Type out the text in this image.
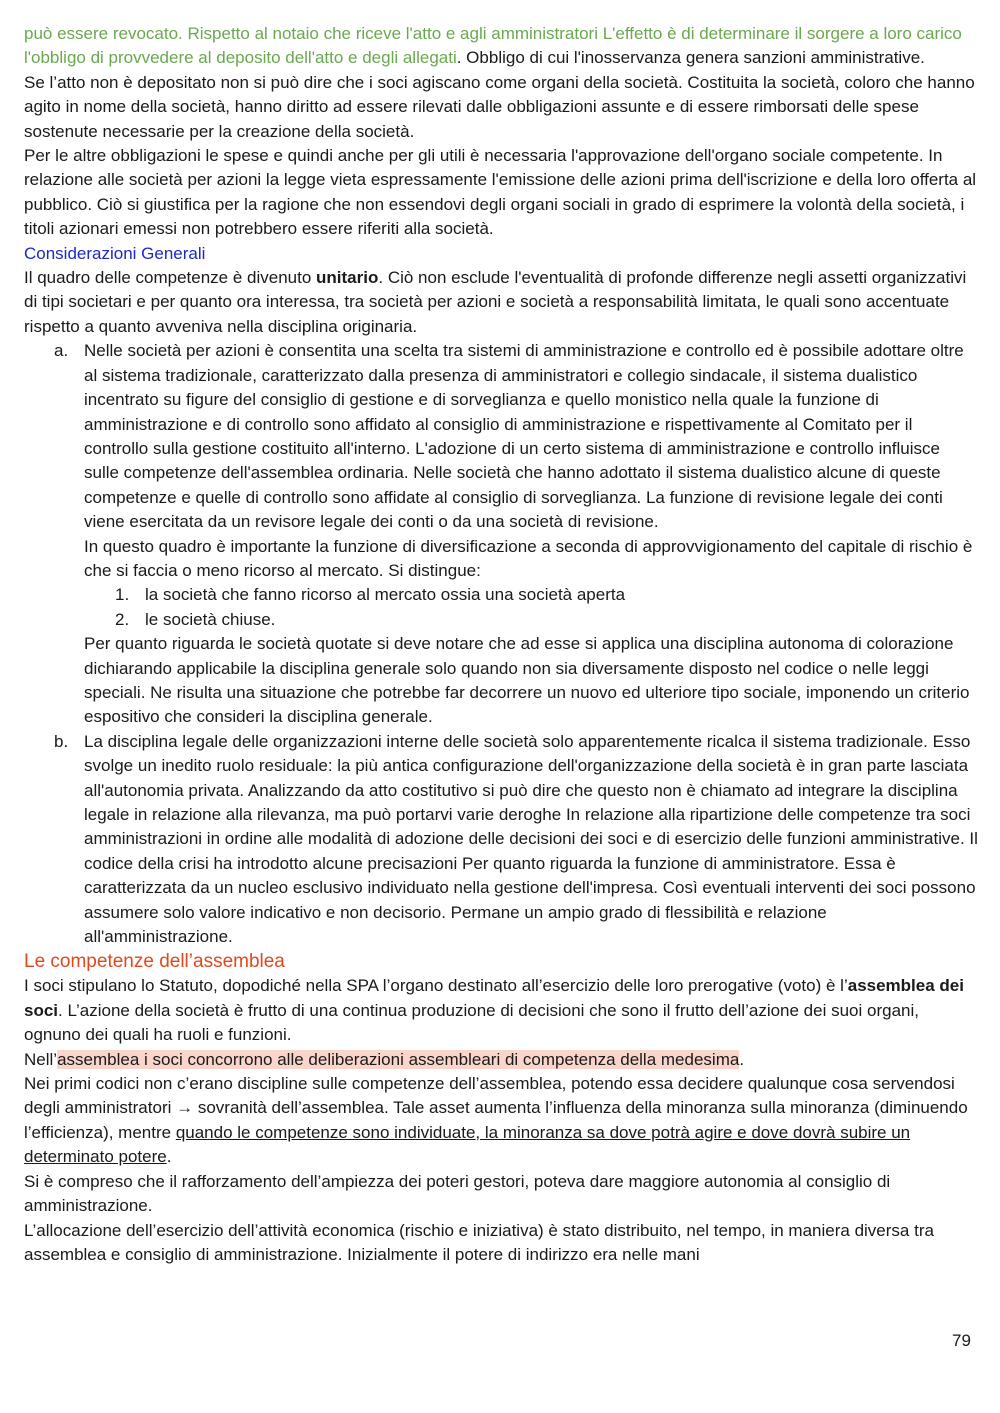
può essere revocato. Rispetto al notaio che riceve l'atto e agli amministratori L'effetto è di determinare il sorgere a loro carico l'obbligo di provvedere al deposito dell'atto e degli allegati. Obbligo di cui l'inosservanza genera sanzioni amministrative.

Se l’atto non è depositato non si può dire che i soci agiscano come organi della società. Costituita la società, coloro che hanno agito in nome della società, hanno diritto ad essere rilevati dalle obbligazioni assunte e di essere rimborsati delle spese sostenute necessarie per la creazione della società.

Per le altre obbligazioni le spese e quindi anche per gli utili è necessaria l'approvazione dell'organo sociale competente. In relazione alle società per azioni la legge vieta espressamente l'emissione delle azioni prima dell'iscrizione e della loro offerta al pubblico. Ciò si giustifica per la ragione che non essendovi degli organi sociali in grado di esprimere la volontà della società, i titoli azionari emessi non potrebbero essere riferiti alla società.

Considerazioni Generali

Il quadro delle competenze è divenuto unitario. Ciò non esclude l'eventualità di profonde differenze negli assetti organizzativi di tipi societari e per quanto ora interessa, tra società per azioni e società a responsabilità limitata, le quali sono accentuate rispetto a quanto avveniva nella disciplina originaria.

a. Nelle società per azioni è consentita una scelta tra sistemi di amministrazione e controllo ed è possibile adottare oltre al sistema tradizionale, caratterizzato dalla presenza di amministratori e collegio sindacale, il sistema dualistico incentrato su figure del consiglio di gestione e di sorveglianza e quello monistico nella quale la funzione di amministrazione e di controllo sono affidato al consiglio di amministrazione e rispettivamente al Comitato per il controllo sulla gestione costituito all'interno. L'adozione di un certo sistema di amministrazione e controllo influisce sulle competenze dell'assemblea ordinaria. Nelle società che hanno adottato il sistema dualistico alcune di queste competenze e quelle di controllo sono affidate al consiglio di sorveglianza. La funzione di revisione legale dei conti viene esercitata da un revisore legale dei conti o da una società di revisione.

In questo quadro è importante la funzione di diversificazione a seconda di approvvigionamento del capitale di rischio è che si faccia o meno ricorso al mercato. Si distingue:

1. la società che fanno ricorso al mercato ossia una società aperta

2. le società chiuse.

Per quanto riguarda le società quotate si deve notare che ad esse si applica una disciplina autonoma di colorazione dichiarando applicabile la disciplina generale solo quando non sia diversamente disposto nel codice o nelle leggi speciali. Ne risulta una situazione che potrebbe far decorrere un nuovo ed ulteriore tipo sociale, imponendo un criterio espositivo che consideri la disciplina generale.

b. La disciplina legale delle organizzazioni interne delle società solo apparentemente ricalca il sistema tradizionale. Esso svolge un inedito ruolo residuale: la più antica configurazione dell'organizzazione della società è in gran parte lasciata all'autonomia privata. Analizzando da atto costitutivo si può dire che questo non è chiamato ad integrare la disciplina legale in relazione alla rilevanza, ma può portarvi varie deroghe In relazione alla ripartizione delle competenze tra soci amministrazioni in ordine alle modalità di adozione delle decisioni dei soci e di esercizio delle funzioni amministrative. Il codice della crisi ha introdotto alcune precisazioni Per quanto riguarda la funzione di amministratore. Essa è caratterizzata da un nucleo esclusivo individuato nella gestione dell'impresa. Così eventuali interventi dei soci possono assumere solo valore indicativo e non decisorio. Permane un ampio grado di flessibilità e relazione all'amministrazione.

Le competenze dell’assemblea

I soci stipulano lo Statuto, dopodiché nella SPA l’organo destinato all’esercizio delle loro prerogative (voto) è l’assemblea dei soci. L’azione della società è frutto di una continua produzione di decisioni che sono il frutto dell’azione dei suoi organi, ognuno dei quali ha ruoli e funzioni.

Nell’assemblea i soci concorrono alle deliberazioni assembleari di competenza della medesima.

Nei primi codici non c’erano discipline sulle competenze dell’assemblea, potendo essa decidere qualunque cosa servendosi degli amministratori → sovranità dell’assemblea. Tale asset aumenta l’influenza della minoranza sulla minoranza (diminuendo l’efficienza), mentre quando le competenze sono individuate, la minoranza sa dove potrà agire e dove dovrà subire un determinato potere.

Si è compreso che il rafforzamento dell’ampiezza dei poteri gestori, poteva dare maggiore autonomia al consiglio di amministrazione.

L’allocazione dell’esercizio dell’attività economica (rischio e iniziativa) è stato distribuito, nel tempo, in maniera diversa tra assemblea e consiglio di amministrazione. Inizialmente il potere di indirizzo era nelle mani

79
